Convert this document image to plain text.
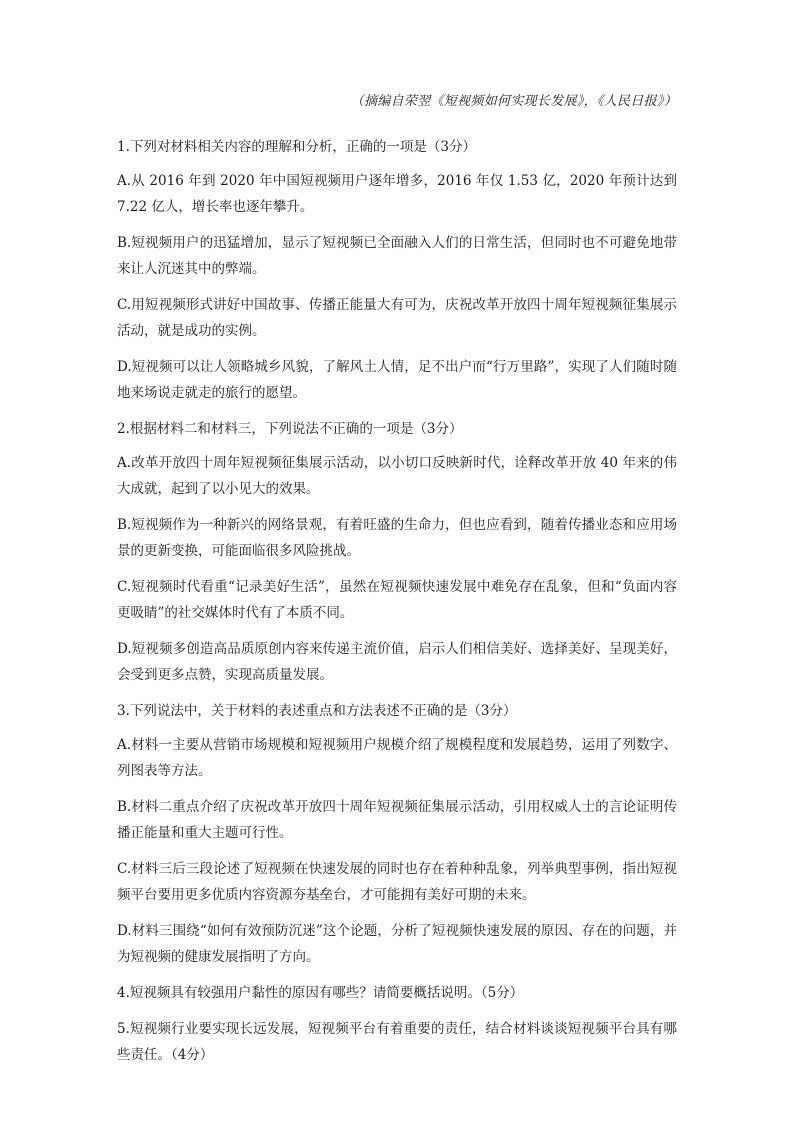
（摘编自荣翌《短视频如何实现长发展》，《人民日报》）

1.下列对材料相关内容的理解和分析，正确的一项是（3分）

A.从 2016 年到 2020 年中国短视频用户逐年增多，2016 年仅 1.53 亿，2020 年预计达到 7.22 亿人，增长率也逐年攀升。

B.短视频用户的迅猛增加，显示了短视频已全面融入人们的日常生活，但同时也不可避免地带来让人沉迷其中的弊端。

C.用短视频形式讲好中国故事、传播正能量大有可为，庆祝改革开放四十周年短视频征集展示活动，就是成功的实例。

D.短视频可以让人领略城乡风貌，了解风土人情，足不出户而“行万里路”，实现了人们随时随地来场说走就走的旅行的愿望。

2.根据材料二和材料三，下列说法不正确的一项是（3分）

A.改革开放四十周年短视频征集展示活动，以小切口反映新时代，诠释改革开放 40 年来的伟大成就，起到了以小见大的效果。

B.短视频作为一种新兴的网络景观，有着旺盛的生命力，但也应看到，随着传播业态和应用场景的更新变换，可能面临很多风险挑战。

C.短视频时代看重“记录美好生活”，虽然在短视频快速发展中难免存在乱象，但和“负面内容更吸睛”的社交媒体时代有了本质不同。

D.短视频多创造高品质原创内容来传递主流价值，启示人们相信美好、选择美好、呈现美好，会受到更多点赞，实现高质量发展。

3.下列说法中，关于材料的表述重点和方法表述不正确的是（3分）

A.材料一主要从营销市场规模和短视频用户规模介绍了规模程度和发展趋势，运用了列数字、列图表等方法。

B.材料二重点介绍了庆祝改革开放四十周年短视频征集展示活动，引用权威人士的言论证明传播正能量和重大主题可行性。

C.材料三后三段论述了短视频在快速发展的同时也存在着种种乱象，列举典型事例，指出短视频平台要用更多优质内容资源夯基垒台，才可能拥有美好可期的未来。

D.材料三围绕“如何有效预防沉迷”这个论题，分析了短视频快速发展的原因、存在的问题，并为短视频的健康发展指明了方向。

4.短视频具有较强用户黏性的原因有哪些？请简要概括说明。（5分）

5.短视频行业要实现长远发展，短视频平台有着重要的责任，结合材料谈谈短视频平台具有哪些责任。（4分）
